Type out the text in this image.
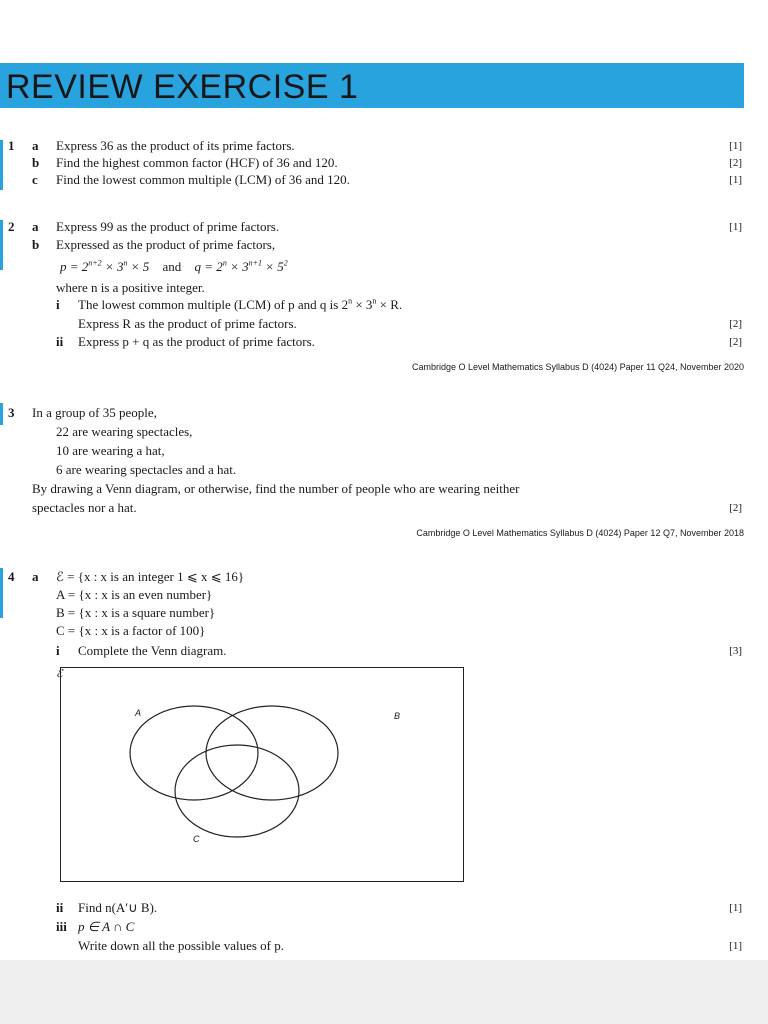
REVIEW EXERCISE 1
1 a Express 36 as the product of its prime factors.	[1]
b Find the highest common factor (HCF) of 36 and 120.	[2]
c Find the lowest common multiple (LCM) of 36 and 120.	[1]
2 a Express 99 as the product of prime factors.	[1]
b Expressed as the product of prime factors,
$p = 2^{n+2} \times 3^n \times 5$ and $q = 2^n \times 3^{n+1} \times 5^2$
where n is a positive integer.
i The lowest common multiple (LCM) of p and q is $2^n \times 3^n \times R$.
Express R as the product of prime factors.	[2]
ii Express p + q as the product of prime factors.	[2]
Cambridge O Level Mathematics Syllabus D (4024) Paper 11 Q24, November 2020
3 In a group of 35 people,
22 are wearing spectacles,
10 are wearing a hat,
6 are wearing spectacles and a hat.
By drawing a Venn diagram, or otherwise, find the number of people who are wearing neither
spectacles nor a hat.	[2]
Cambridge O Level Mathematics Syllabus D (4024) Paper 12 Q7, November 2018
4 a ℰ = {x : x is an integer 1 ⩽ x ⩽ 16}
A = {x : x is an even number}
B = {x : x is a square number}
C = {x : x is a factor of 100}
i Complete the Venn diagram.	[3]
ℰ
A	B
C
ii Find n(A′∪ B).	[1]
iii p ∈ A ∩ C
Write down all the possible values of p.	[1]
